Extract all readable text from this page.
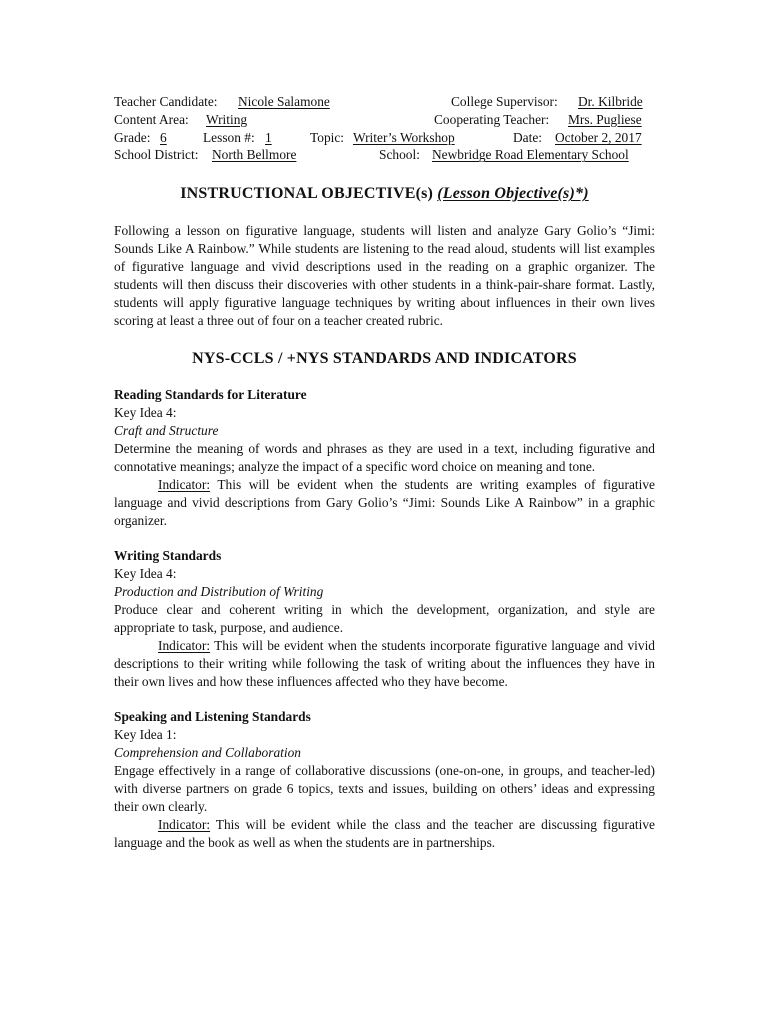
Teacher Candidate: Nicole Salamone	College Supervisor: Dr. Kilbride
Content Area: Writing	Cooperating Teacher: Mrs. Pugliese
Grade: 6	Lesson #: 1	Topic: Writer’s Workshop	Date: October 2, 2017
School District: North Bellmore	School: Newbridge Road Elementary School
INSTRUCTIONAL OBJECTIVE(s) (Lesson Objective(s)*)

Following a lesson on figurative language, students will listen and analyze Gary Golio’s “Jimi: Sounds Like A Rainbow.” While students are listening to the read aloud, students will list examples of figurative language and vivid descriptions used in the reading on a graphic organizer. The students will then discuss their discoveries with other students in a think-pair-share format. Lastly, students will apply figurative language techniques by writing about influences in their own lives scoring at least a three out of four on a teacher created rubric.

NYS-CCLS / +NYS STANDARDS AND INDICATORS
Reading Standards for Literature
Key Idea 4:
Craft and Structure

Determine the meaning of words and phrases as they are used in a text, including figurative and connotative meanings; analyze the impact of a specific word choice on meaning and tone.

Indicator: This will be evident when the students are writing examples of figurative language and vivid descriptions from Gary Golio’s “Jimi: Sounds Like A Rainbow” in a graphic organizer.

Writing Standards
Key Idea 4:
Production and Distribution of Writing

Produce clear and coherent writing in which the development, organization, and style are appropriate to task, purpose, and audience.

Indicator: This will be evident when the students incorporate figurative language and vivid descriptions to their writing while following the task of writing about the influences they have in their own lives and how these influences affected who they have become.

Speaking and Listening Standards
Key Idea 1:
Comprehension and Collaboration

Engage effectively in a range of collaborative discussions (one-on-one, in groups, and teacher-led) with diverse partners on grade 6 topics, texts and issues, building on others’ ideas and expressing their own clearly.

Indicator: This will be evident while the class and the teacher are discussing figurative language and the book as well as when the students are in partnerships.
